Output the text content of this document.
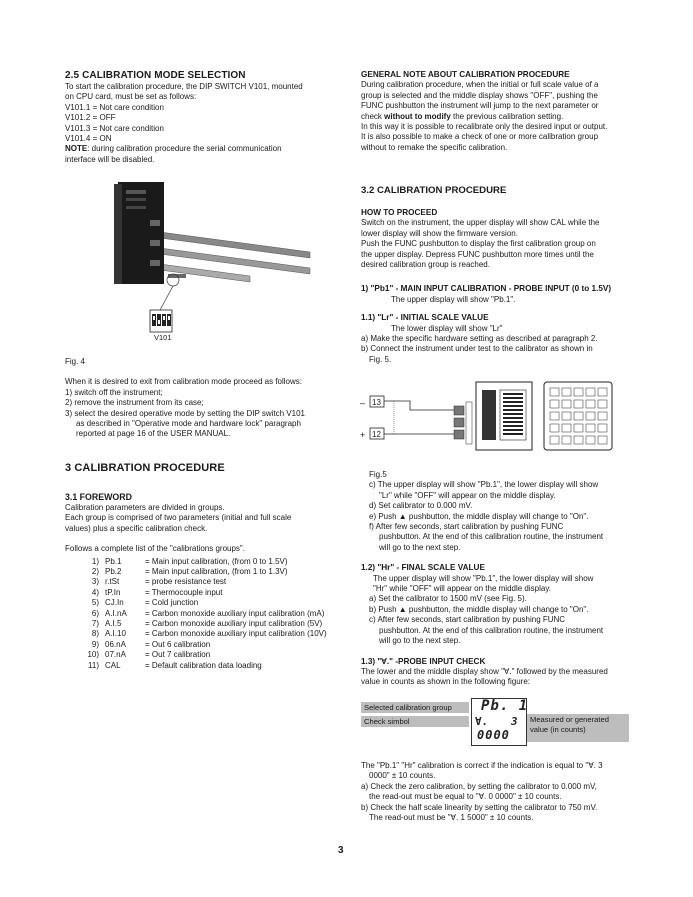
2.5 CALIBRATION MODE SELECTION
To start the calibration procedure, the DIP SWITCH V101, mounted
on CPU card, must be set as follows:
V101.1 = Not care condition
V101.2 = OFF
V101.3 = Not care condition
V101.4 = ON
NOTE: during calibration procedure the serial communication
interface will be disabled.
V101
Fig. 4
When it is desired to exit from calibration mode proceed as follows:
1) switch off the instrument;
2) remove the instrument from its case;
3) select the desired operative mode by setting the DIP switch V101
as described in "Operative mode and hardware lock" paragraph
reported at page 16 of the USER MANUAL.
3 CALIBRATION PROCEDURE
3.1 FOREWORD
Calibration parameters are divided in groups.
Each group is comprised of two parameters (initial and full scale
values) plus a specific calibration check.
Follows a complete list of the "calibrations groups".
1) Pb.1	= Main input calibration, (from 0 to 1.5V)
2) Pb.2	= Main input calibration, (from 1 to 1.3V)
3) r.tSt	= probe resistance test
4) tP.In	= Thermocouple input
5) CJ.In	= Cold junction
6) A.I.nA	= Carbon monoxide auxiliary input calibration (mA)
7) A.I.5	= Carbon monoxide auxiliary input calibration (5V)
8) A.I.10	= Carbon monoxide auxiliary input calibration (10V)
9) 06.nA	= Out 6 calibration
10) 07.nA	= Out 7 calibration
11) CAL	= Default calibration data loading
GENERAL NOTE ABOUT CALIBRATION PROCEDURE
During calibration procedure, when the initial or full scale value of a
group is selected and the middle display shows "OFF", pushing the
FUNC pushbutton the instrument will jump to the next parameter or
check without to modify the previous calibration setting.
In this way it is possible to recalibrate only the desired input or output.
It is also possible to make a check of one or more calibration group
without to remake the specific calibration.
3.2 CALIBRATION PROCEDURE
HOW TO PROCEED
Switch on the instrument, the upper display will show CAL while the
lower display will show the firmware version.
Push the FUNC pushbutton to display the first calibration group on
the upper display. Depress FUNC pushbutton more times until the
desired calibration group is reached.
1) "Pb1" - MAIN INPUT CALIBRATION - PROBE INPUT (0 to 1.5V)
The upper display will show "Pb.1".
1.1) "Lr" - INITIAL SCALE VALUE
The lower display will show "Lr"
a) Make the specific hardware setting as described at paragraph 2.
b) Connect the instrument under test to the calibrator as shown in
Fig. 5.
– 13
+ 12
Fig.5
c) The upper display will show "Pb.1", the lower display will show
"Lr" while "OFF" will appear on the middle display.
d) Set calibrator to 0.000 mV.
e) Push ▲ pushbutton, the middle display will change to "On".
f) After few seconds, start calibration by pushing FUNC
pushbutton. At the end of this calibration routine, the instrument
will go to the next step.
1.2) "Hr" - FINAL SCALE VALUE
The upper display will show "Pb.1", the lower display will show
"Hr" while "OFF" will appear on the middle display.
a) Set the calibrator to 1500 mV (see Fig. 5).
b) Push ▲ pushbutton, the middle display will change to "On".
c) After few seconds, start calibration by pushing FUNC
pushbutton. At the end of this calibration routine, the instrument
will go to the next step.
1.3) "∀." -PROBE INPUT CHECK
The lower and the middle display show "∀." followed by the measured
value in counts as shown in the following figure:
Selected calibration group
Check simbol
Pb. 1
∀. 3
0000
Measured or generated
value (in counts)
The "Pb.1" "Hr" calibration is correct if the indication is equal to "∀. 3
0000" ± 10 counts.
a) Check the zero calibration, by setting the calibrator to 0.000 mV,
the read-out must be equal to "∀. 0 0000" ± 10 counts.
b) Check the half scale linearity by setting the calibrator to 750 mV.
The read-out must be "∀. 1 5000" ± 10 counts.
3
